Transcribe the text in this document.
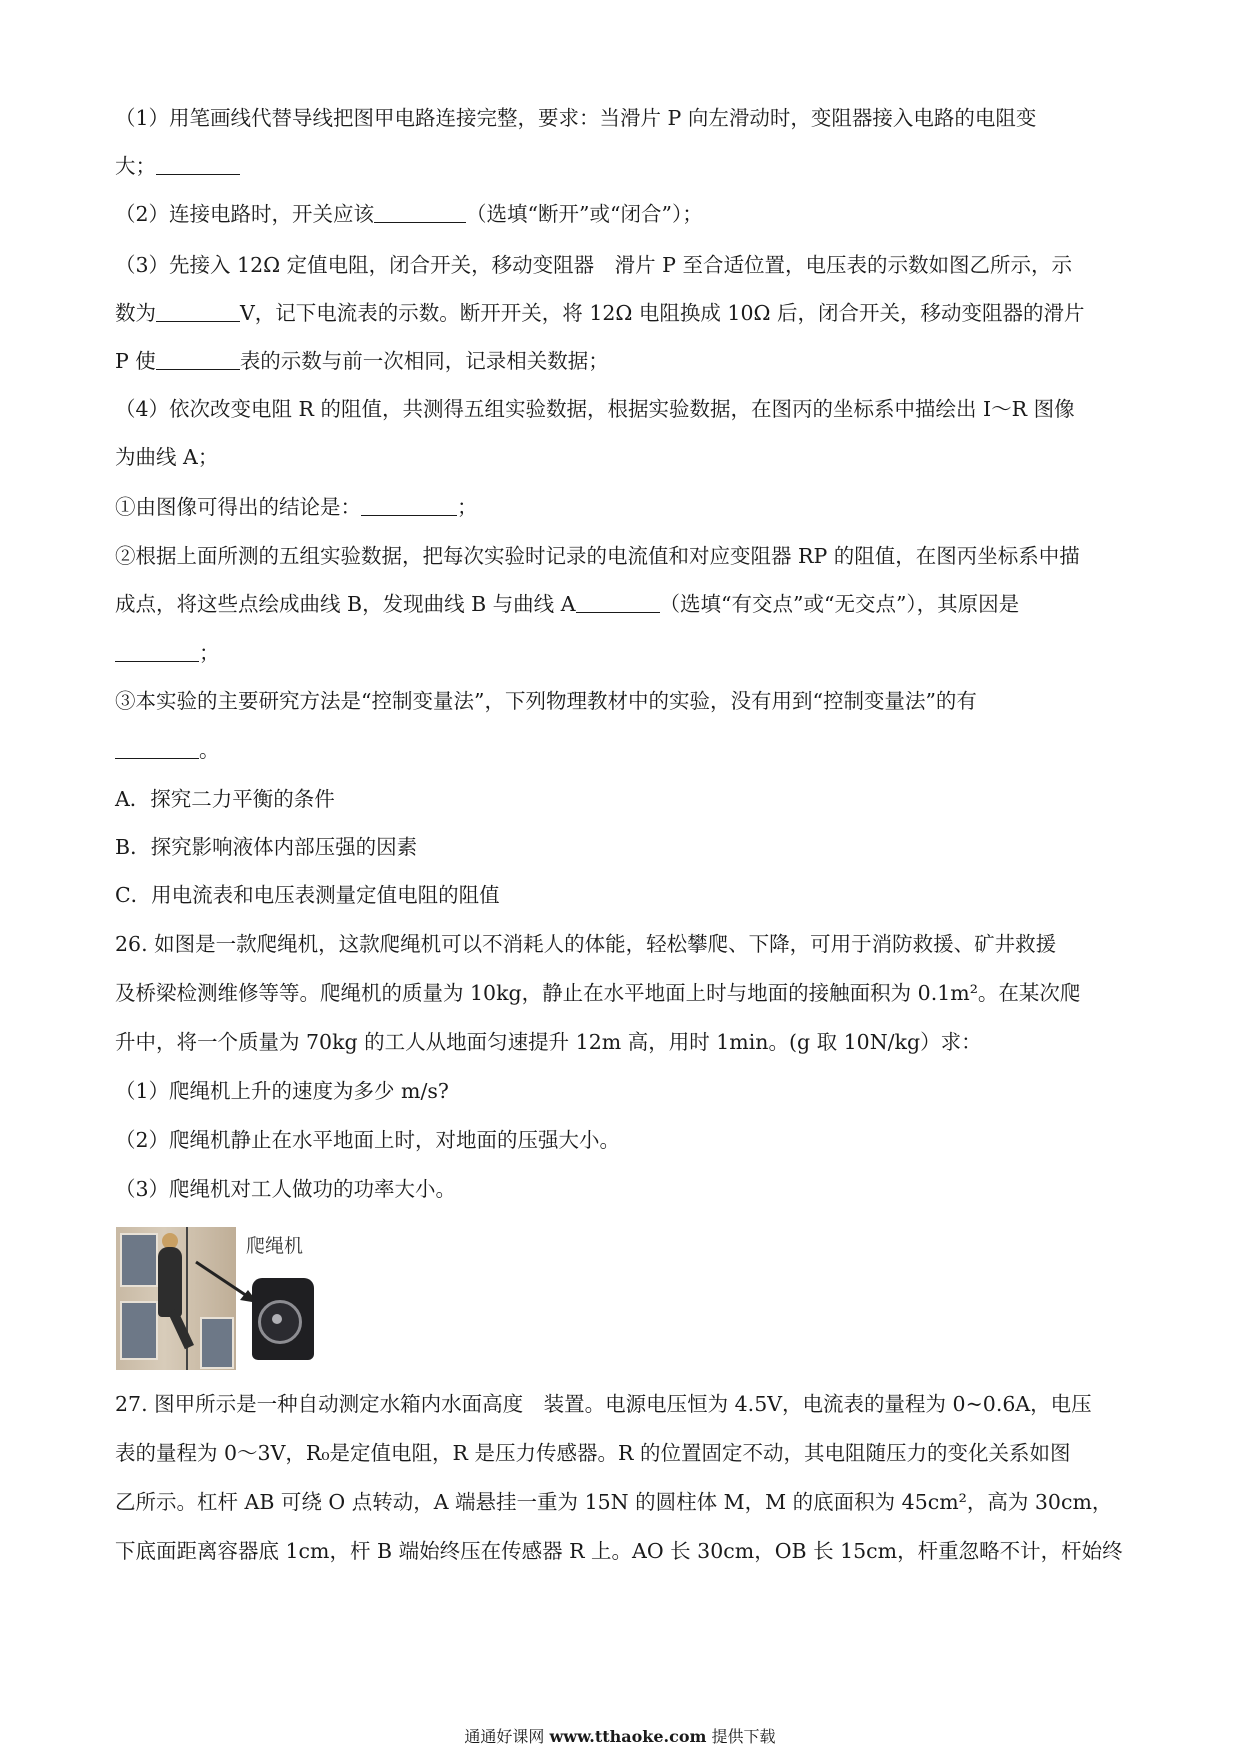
（1）用笔画线代替导线把图甲电路连接完整，要求：当滑片 P 向左滑动时，变阻器接入电路的电阻变
大；
（2）连接电路时，开关应该	（选填“断开”或“闭合”）；
（3）先接入 12Ω 定值电阻，闭合开关，移动变阻器　滑片 P 至合适位置，电压表的示数如图乙所示，示
数为	V，记下电流表的示数。断开开关，将 12Ω 电阻换成 10Ω 后，闭合开关，移动变阻器的滑片
P 使	表的示数与前一次相同，记录相关数据；
（4）依次改变电阻 R 的阻值，共测得五组实验数据，根据实验数据，在图丙的坐标系中描绘出 I～R 图像
为曲线 A；
①由图像可得出的结论是：	；
②根据上面所测的五组实验数据，把每次实验时记录的电流值和对应变阻器 RP 的阻值，在图丙坐标系中描
成点，将这些点绘成曲线 B，发现曲线 B 与曲线 A	（选填“有交点”或“无交点”），其原因是
；
③本实验的主要研究方法是“控制变量法”，下列物理教材中的实验，没有用到“控制变量法”的有
。
A．探究二力平衡的条件
B．探究影响液体内部压强的因素
C．用电流表和电压表测量定值电阻的阻值
26. 如图是一款爬绳机，这款爬绳机可以不消耗人的体能，轻松攀爬、下降，可用于消防救援、矿井救援
及桥梁检测维修等等。爬绳机的质量为 10kg，静止在水平地面上时与地面的接触面积为 0.1m²。在某次爬
升中，将一个质量为 70kg 的工人从地面匀速提升 12m 高，用时 1min。(g 取 10N/kg）求：
（1）爬绳机上升的速度为多少 m/s?
（2）爬绳机静止在水平地面上时，对地面的压强大小。
（3）爬绳机对工人做功的功率大小。
爬绳机
27. 图甲所示是一种自动测定水箱内水面高度　装置。电源电压恒为 4.5V，电流表的量程为 0~0.6A，电压
表的量程为 0～3V，R₀是定值电阻，R 是压力传感器。R 的位置固定不动，其电阻随压力的变化关系如图
乙所示。杠杆 AB 可绕 O 点转动，A 端悬挂一重为 15N 的圆柱体 M，M 的底面积为 45cm²，高为 30cm，
下底面距离容器底 1cm，杆 B 端始终压在传感器 R 上。AO 长 30cm，OB 长 15cm，杆重忽略不计，杆始终
通通好课网 www.tthaoke.com 提供下载
